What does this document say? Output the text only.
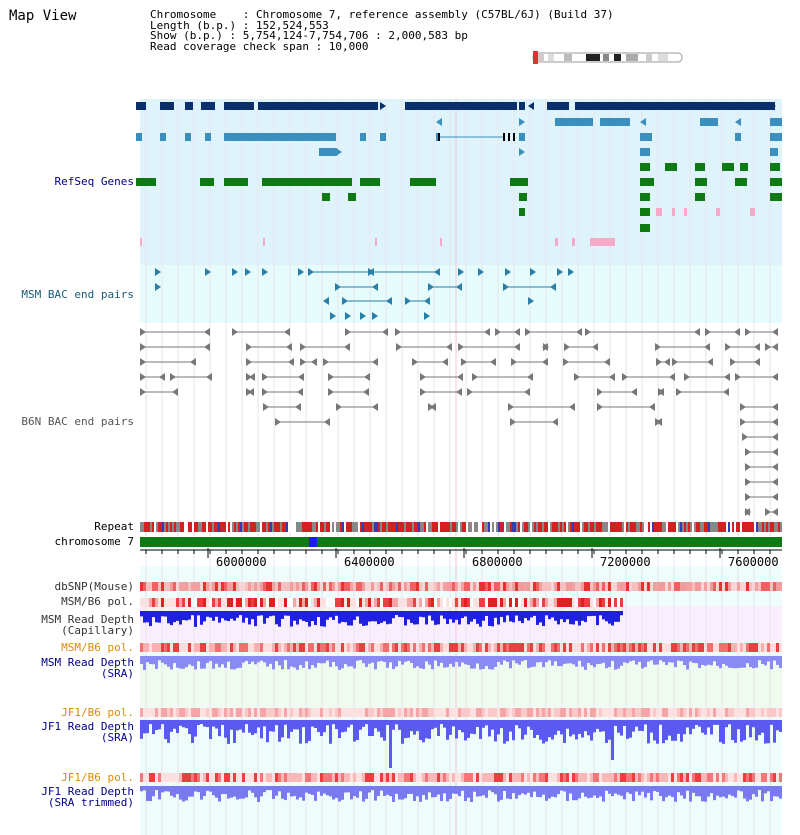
Map View	Chromosome    : Chromosome 7, reference assembly (C57BL/6J) (Build 37)
Length (b.p.) : 152,524,553
Show (b.p.) : 5,754,124-7,754,706 : 2,000,583 bp
Read coverage check span : 10,000
RefSeq Genes
MSM BAC end pairs
B6N BAC end pairs
Repeat
chromosome 7
dbSNP(Mouse)
MSM/B6 pol.
MSM Read Depth
(Capillary)
MSM/B6 pol.
MSM Read Depth
(SRA)
JF1/B6 pol.
JF1 Read Depth
(SRA)
JF1/B6 pol.
JF1 Read Depth
(SRA trimmed)
6000000	6400000	6800000	7200000	7600000
